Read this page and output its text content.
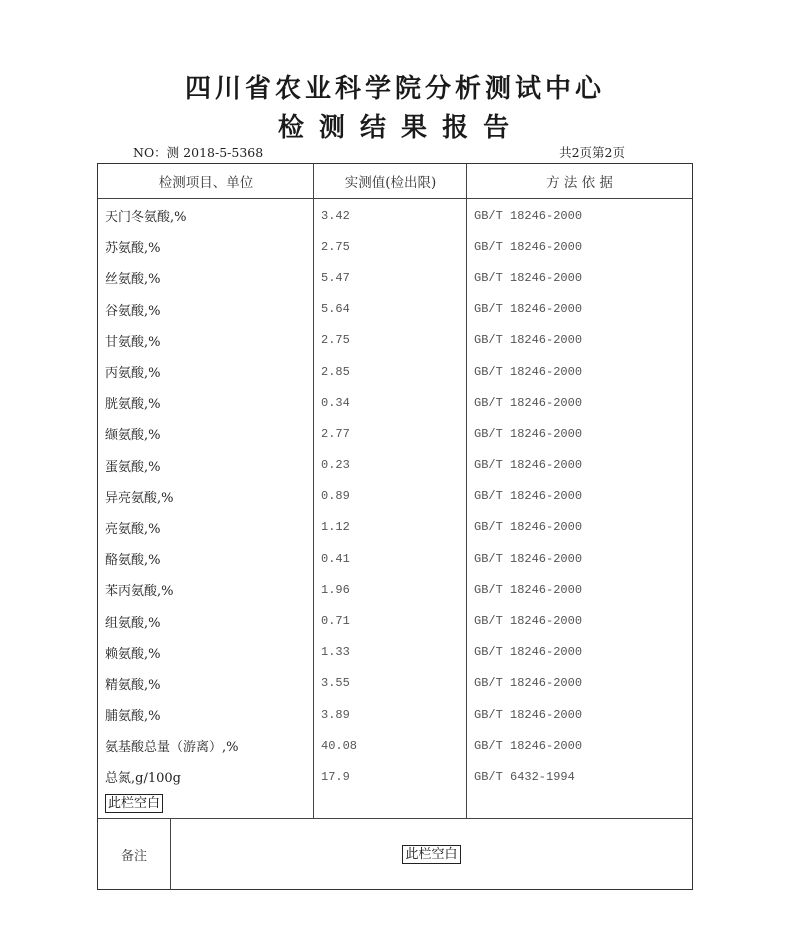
四川省农业科学院分析测试中心
检 测 结 果 报 告
NO：测 2018-5-5368	共2页第2页
检测项目、单位	实测值(检出限)	方 法 依 据
天门冬氨酸,%	3.42	GB/T 18246-2000
苏氨酸,%	2.75	GB/T 18246-2000
丝氨酸,%	5.47	GB/T 18246-2000
谷氨酸,%	5.64	GB/T 18246-2000
甘氨酸,%	2.75	GB/T 18246-2000
丙氨酸,%	2.85	GB/T 18246-2000
胱氨酸,%	0.34	GB/T 18246-2000
缬氨酸,%	2.77	GB/T 18246-2000
蛋氨酸,%	0.23	GB/T 18246-2000
异亮氨酸,%	0.89	GB/T 18246-2000
亮氨酸,%	1.12	GB/T 18246-2000
酪氨酸,%	0.41	GB/T 18246-2000
苯丙氨酸,%	1.96	GB/T 18246-2000
组氨酸,%	0.71	GB/T 18246-2000
赖氨酸,%	1.33	GB/T 18246-2000
精氨酸,%	3.55	GB/T 18246-2000
脯氨酸,%	3.89	GB/T 18246-2000
氨基酸总量（游离）,%	40.08	GB/T 18246-2000
总氮,g/100g	17.9	GB/T 6432-1994
此栏空白
备注	此栏空白
